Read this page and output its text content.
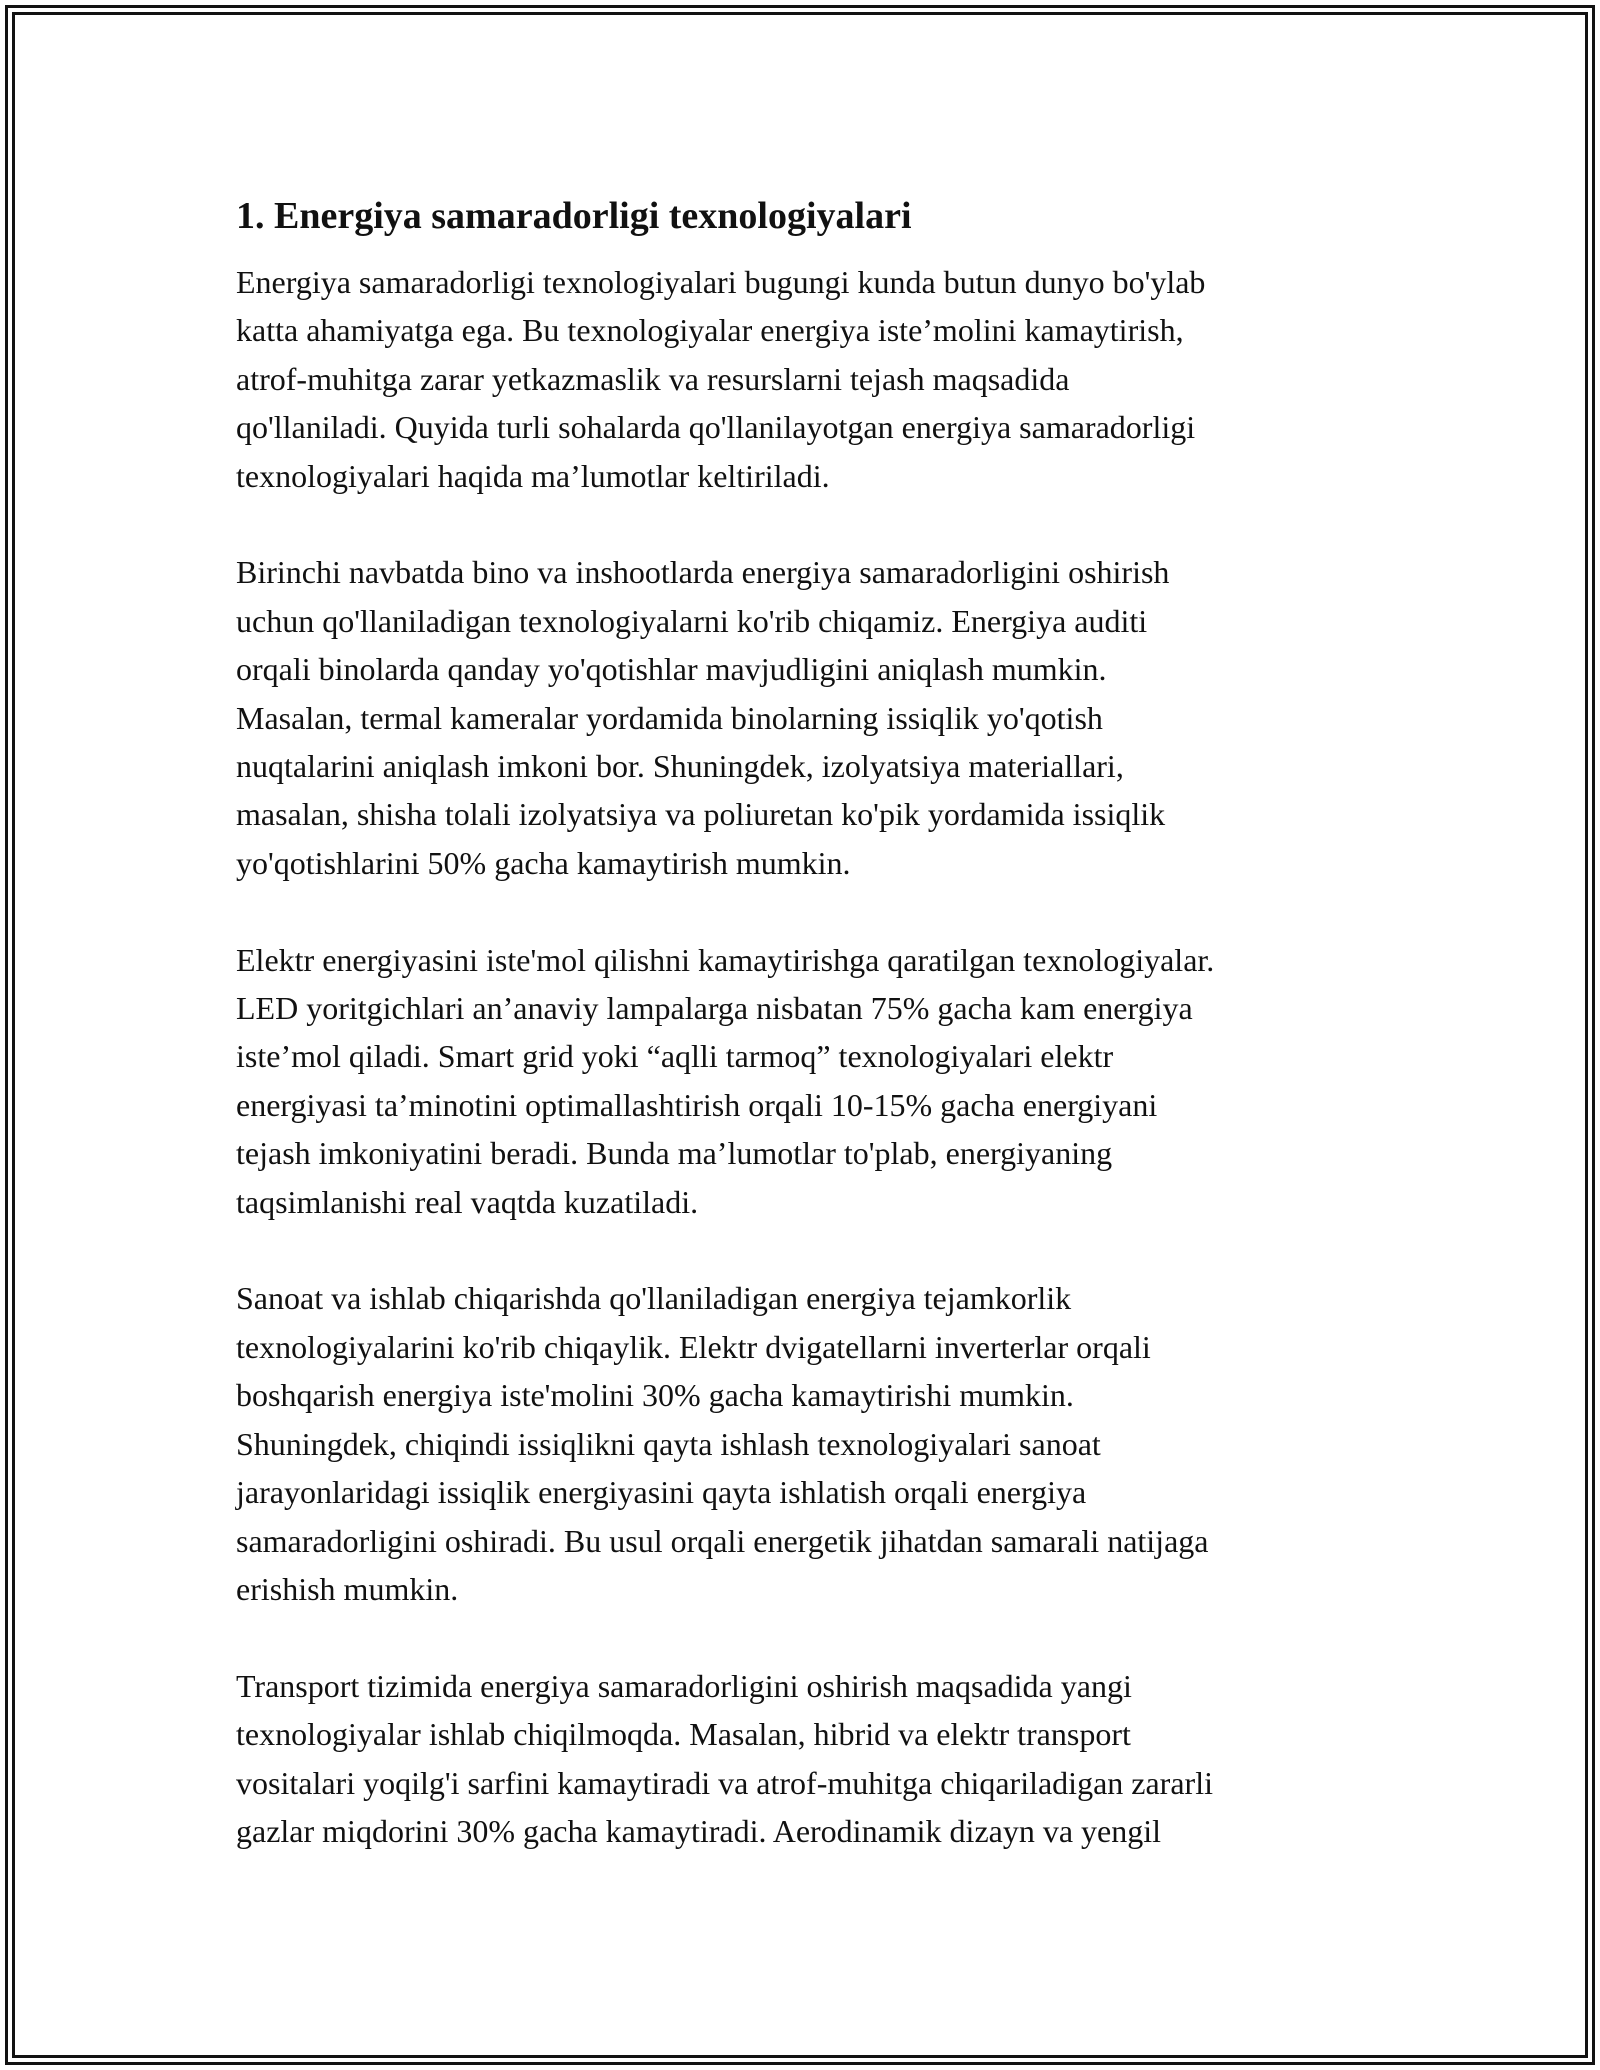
1. Energiya samaradorligi texnologiyalari
Energiya samaradorligi texnologiyalari bugungi kunda butun dunyo bo'ylab
katta ahamiyatga ega. Bu texnologiyalar energiya iste’molini kamaytirish,
atrof-muhitga zarar yetkazmaslik va resurslarni tejash maqsadida
qo'llaniladi. Quyida turli sohalarda qo'llanilayotgan energiya samaradorligi
texnologiyalari haqida ma’lumotlar keltiriladi.
Birinchi navbatda bino va inshootlarda energiya samaradorligini oshirish
uchun qo'llaniladigan texnologiyalarni ko'rib chiqamiz. Energiya auditi
orqali binolarda qanday yo'qotishlar mavjudligini aniqlash mumkin.
Masalan, termal kameralar yordamida binolarning issiqlik yo'qotish
nuqtalarini aniqlash imkoni bor. Shuningdek, izolyatsiya materiallari,
masalan, shisha tolali izolyatsiya va poliuretan ko'pik yordamida issiqlik
yo'qotishlarini 50% gacha kamaytirish mumkin.
Elektr energiyasini iste'mol qilishni kamaytirishga qaratilgan texnologiyalar.
LED yoritgichlari an’anaviy lampalarga nisbatan 75% gacha kam energiya
iste’mol qiladi. Smart grid yoki “aqlli tarmoq” texnologiyalari elektr
energiyasi ta’minotini optimallashtirish orqali 10-15% gacha energiyani
tejash imkoniyatini beradi. Bunda ma’lumotlar to'plab, energiyaning
taqsimlanishi real vaqtda kuzatiladi.
Sanoat va ishlab chiqarishda qo'llaniladigan energiya tejamkorlik
texnologiyalarini ko'rib chiqaylik. Elektr dvigatellarni inverterlar orqali
boshqarish energiya iste'molini 30% gacha kamaytirishi mumkin.
Shuningdek, chiqindi issiqlikni qayta ishlash texnologiyalari sanoat
jarayonlaridagi issiqlik energiyasini qayta ishlatish orqali energiya
samaradorligini oshiradi. Bu usul orqali energetik jihatdan samarali natijaga
erishish mumkin.
Transport tizimida energiya samaradorligini oshirish maqsadida yangi
texnologiyalar ishlab chiqilmoqda. Masalan, hibrid va elektr transport
vositalari yoqilg'i sarfini kamaytiradi va atrof-muhitga chiqariladigan zararli
gazlar miqdorini 30% gacha kamaytiradi. Aerodinamik dizayn va yengil
